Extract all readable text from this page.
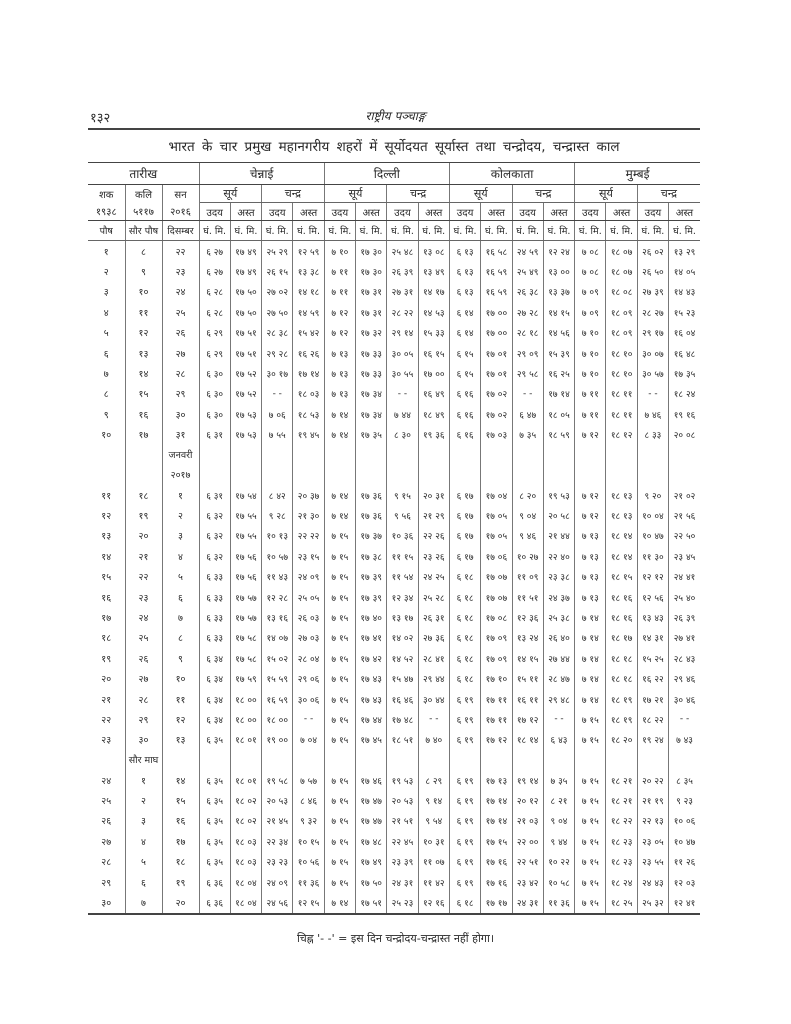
१३२	राष्ट्रीय पञ्चाङ्ग
भारत के चार प्रमुख महानगरीय शहरों में सूर्योदयत सूर्यास्त तथा चन्द्रोदय, चन्द्रास्त काल
तारीख			चेन्नाई				दिल्ली				कोलकाता				मुम्बई			
शक	कलि	सन	सूर्य		चन्द्र		सूर्य		चन्द्र		सूर्य		चन्द्र		सूर्य		चन्द्र	
१९३८	५११७	२०१६	उदय	अस्त	उदय	अस्त	उदय	अस्त	उदय	अस्त	उदय	अस्त	उदय	अस्त	उदय	अस्त	उदय	अस्त
पौष	सौर पौष	दिसम्बर	घं. मि.	घं. मि.	घं. मि.	घं. मि.	घं. मि.	घं. मि.	घं. मि.	घं. मि.	घं. मि.	घं. मि.	घं. मि.	घं. मि.	घं. मि.	घं. मि.	घं. मि.	घं. मि.
१	८	२२	६ २७	१७ ४९	२५ २९	१२ ५९	७ १०	१७ ३०	२५ ४८	१३ ०८	६ १३	१६ ५८	२४ ५९	१२ २४	७ ०८	१८ ०७	२६ ०२	१३ २९
२	९	२३	६ २७	१७ ४९	२६ १५	१३ ३८	७ ११	१७ ३०	२६ ३९	१३ ४९	६ १३	१६ ५९	२५ ४९	१३ ००	७ ०८	१८ ०७	२६ ५०	१४ ०५
३	१०	२४	६ २८	१७ ५०	२७ ०२	१४ १८	७ ११	१७ ३१	२७ ३१	१४ १७	६ १३	१६ ५९	२६ ३८	१३ ३७	७ ०९	१८ ०८	२७ ३९	१४ ४३
४	११	२५	६ २८	१७ ५०	२७ ५०	१४ ५९	७ १२	१७ ३१	२८ २२	१४ ५३	६ १४	१७ ००	२७ २८	१४ १५	७ ०९	१८ ०९	२८ २७	१५ २३
५	१२	२६	६ २९	१७ ५१	२८ ३८	१५ ४२	७ १२	१७ ३२	२९ १४	१५ ३३	६ १४	१७ ००	२८ १८	१४ ५६	७ १०	१८ ०९	२९ १७	१६ ०४
६	१३	२७	६ २९	१७ ५१	२९ २८	१६ २६	७ १३	१७ ३३	३० ०५	१६ १५	६ १५	१७ ०१	२९ ०९	१५ ३९	७ १०	१८ १०	३० ०७	१६ ४८
७	१४	२८	६ ३०	१७ ५२	३० १७	१७ १४	७ १३	१७ ३३	३० ५५	१७ ००	६ १५	१७ ०१	२९ ५८	१६ २५	७ १०	१८ १०	३० ५७	१७ ३५
८	१५	२९	६ ३०	१७ ५२	- -	१८ ०३	७ १३	१७ ३४	- -	१६ ४९	६ १६	१७ ०२	- -	१७ १४	७ ११	१८ ११	- -	१८ २४
९	१६	३०	६ ३०	१७ ५३	७ ०६	१८ ५३	७ १४	१७ ३४	७ ४४	१८ ४९	६ १६	१७ ०२	६ ४७	१८ ०५	७ ११	१८ ११	७ ४६	१९ १६
१०	१७	३१	६ ३१	१७ ५३	७ ५५	१९ ४५	७ १४	१७ ३५	८ ३०	१९ ३६	६ १६	१७ ०३	७ ३५	१८ ५९	७ १२	१८ १२	८ ३३	२० ०८
		जनवरी																
		२०१७																
११	१८	१	६ ३१	१७ ५४	८ ४२	२० ३७	७ १४	१७ ३६	९ १५	२० ३१	६ १७	१७ ०४	८ २०	१९ ५३	७ १२	१८ १३	९ २०	२१ ०२
१२	१९	२	६ ३२	१७ ५५	९ २८	२१ ३०	७ १४	१७ ३६	९ ५६	२१ २९	६ १७	१७ ०५	९ ०४	२० ५८	७ १२	१८ १३	१० ०४	२१ ५६
१३	२०	३	६ ३२	१७ ५५	१० १३	२२ २२	७ १५	१७ ३७	१० ३६	२२ २६	६ १७	१७ ०५	९ ४६	२१ ४४	७ १३	१८ १४	१० ४७	२२ ५०
१४	२१	४	६ ३२	१७ ५६	१० ५७	२३ १५	७ १५	१७ ३८	११ १५	२३ २६	६ १७	१७ ०६	१० २७	२२ ४०	७ १३	१८ १४	११ ३०	२३ ४५
१५	२२	५	६ ३३	१७ ५६	११ ४३	२४ ०९	७ १५	१७ ३९	११ ५४	२४ २५	६ १८	१७ ०७	११ ०९	२३ ३८	७ १३	१८ १५	१२ १२	२४ ४१
१६	२३	६	६ ३३	१७ ५७	१२ २८	२५ ०५	७ १५	१७ ३९	१२ ३४	२५ २८	६ १८	१७ ०७	११ ५१	२४ ३७	७ १३	१८ १६	१२ ५६	२५ ४०
१७	२४	७	६ ३३	१७ ५७	१३ १६	२६ ०३	७ १५	१७ ४०	१३ १७	२६ ३१	६ १८	१७ ०८	१२ ३६	२५ ३८	७ १४	१८ १६	१३ ४३	२६ ३९
१८	२५	८	६ ३३	१७ ५८	१४ ०७	२७ ०३	७ १५	१७ ४१	१४ ०२	२७ ३६	६ १८	१७ ०९	१३ २४	२६ ४०	७ १४	१८ १७	१४ ३१	२७ ४१
१९	२६	९	६ ३४	१७ ५८	१५ ०२	२८ ०४	७ १५	१७ ४२	१४ ५२	२८ ४१	६ १८	१७ ०९	१४ १५	२७ ४४	७ १४	१८ १८	१५ २५	२८ ४३
२०	२७	१०	६ ३४	१७ ५९	१५ ५९	२९ ०६	७ १५	१७ ४३	१५ ४७	२९ ४४	६ १८	१७ १०	१५ ११	२८ ४७	७ १४	१८ १८	१६ २२	२९ ४६
२१	२८	११	६ ३४	१८ ००	१६ ५९	३० ०६	७ १५	१७ ४३	१६ ४६	३० ४४	६ १९	१७ ११	१६ ११	२९ ४८	७ १४	१८ १९	१७ २१	३० ४६
२२	२९	१२	६ ३४	१८ ००	१८ ००	- -	७ १५	१७ ४४	१७ ४८	- -	६ १९	१७ ११	१७ १२	- -	७ १५	१८ १९	१८ २२	- -
२३	३०	१३	६ ३५	१८ ०१	१९ ००	७ ०४	७ १५	१७ ४५	१८ ५१	७ ४०	६ १९	१७ १२	१८ १४	६ ४३	७ १५	१८ २०	१९ २४	७ ४३
	सौर माघ																	
२४	१	१४	६ ३५	१८ ०१	१९ ५८	७ ५७	७ १५	१७ ४६	१९ ५३	८ २९	६ १९	१७ १३	१९ १४	७ ३५	७ १५	१८ २१	२० २२	८ ३५
२५	२	१५	६ ३५	१८ ०२	२० ५३	८ ४६	७ १५	१७ ४७	२० ५३	९ १४	६ १९	१७ १४	२० १२	८ २१	७ १५	१८ २१	२१ १९	९ २३
२६	३	१६	६ ३५	१८ ०२	२१ ४५	९ ३२	७ १५	१७ ४७	२१ ५१	९ ५४	६ १९	१७ १४	२१ ०३	९ ०४	७ १५	१८ २२	२२ १३	१० ०६
२७	४	१७	६ ३५	१८ ०३	२२ ३४	१० १५	७ १५	१७ ४८	२२ ४५	१० ३१	६ १९	१७ १५	२२ ००	९ ४४	७ १५	१८ २३	२३ ०५	१० ४७
२८	५	१८	६ ३५	१८ ०३	२३ २३	१० ५६	७ १५	१७ ४९	२३ ३९	११ ०७	६ १९	१७ १६	२२ ५१	१० २२	७ १५	१८ २३	२३ ५५	११ २६
२९	६	१९	६ ३६	१८ ०४	२४ ०९	११ ३६	७ १५	१७ ५०	२४ ३१	११ ४२	६ १९	१७ १६	२३ ४२	१० ५८	७ १५	१८ २४	२४ ४३	१२ ०३
३०	७	२०	६ ३६	१८ ०४	२४ ५६	१२ १५	७ १४	१७ ५१	२५ २३	१२ १६	६ १८	१७ १७	२४ ३१	११ ३६	७ १५	१८ २५	२५ ३२	१२ ४१
चिह्न '- -' = इस दिन चन्द्रोदय-चन्द्रास्त नहीं होगा।
